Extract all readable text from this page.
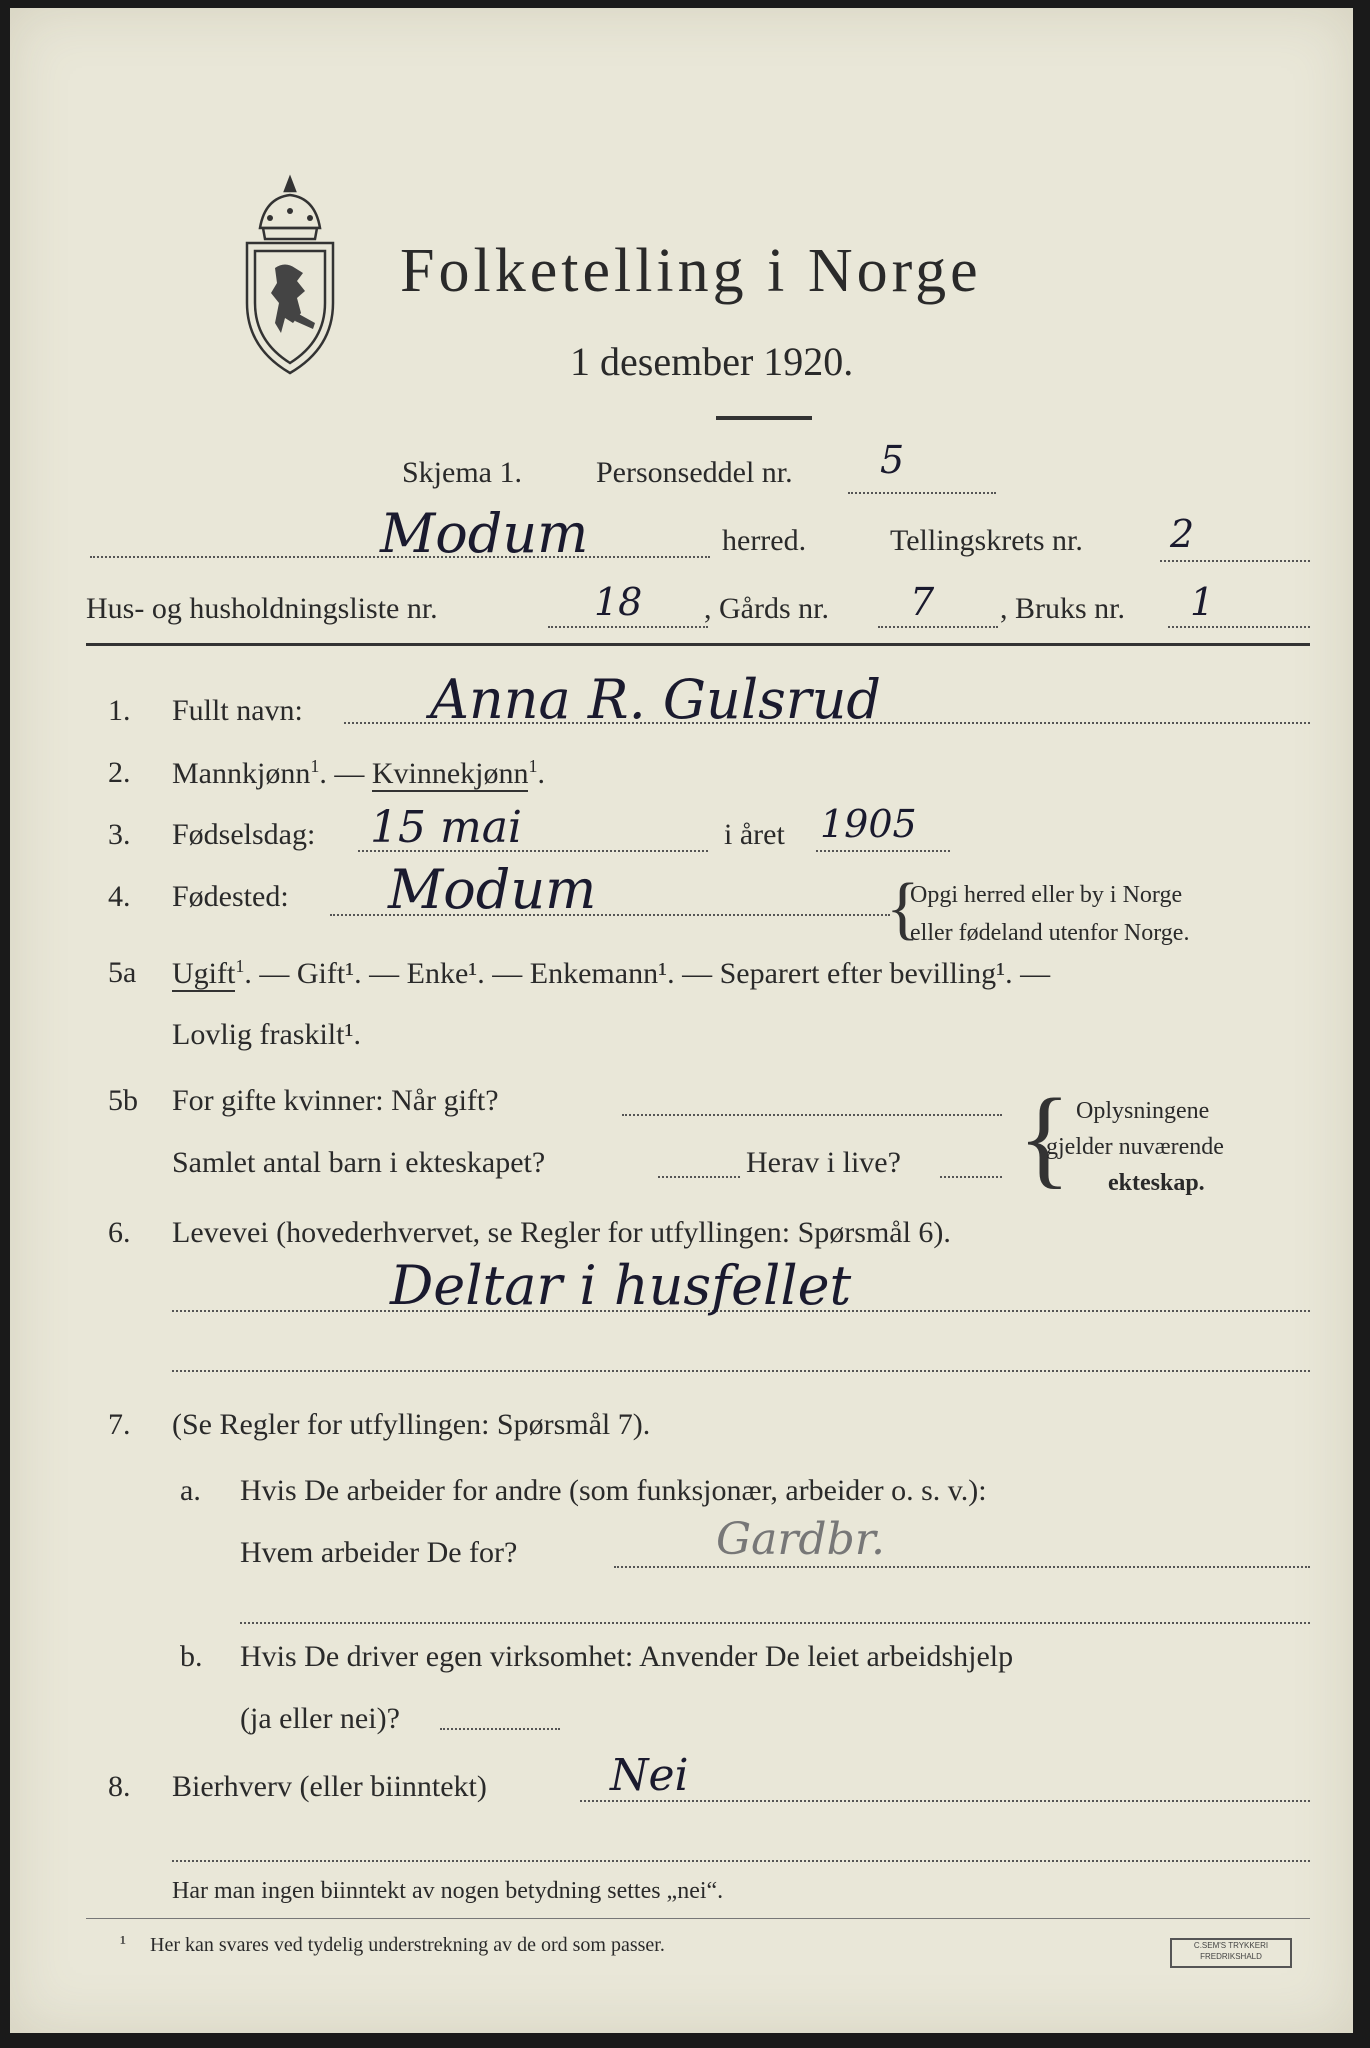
Folketelling i Norge
1 desember 1920.
Skjema 1. Personseddel nr. 5
Modum	herred.	Tellingskrets nr. 2
Hus- og husholdningsliste nr.	18 , Gårds nr. 7 , Bruks nr. 1
1. Fullt navn: Anna R. Gulsrud
2. Mannkjønn$^1$. — Kvinnekjønn$^1$.
3. Fødselsdag: 15 mai	i året 1905
4. Fødested: Modum	{
Opgi herred eller by i Norge
eller fødeland utenfor Norge.
5a Ugift$^1$. — Gift¹. — Enke¹. — Enkemann¹. — Separert efter bevilling¹. —
Lovlig fraskilt¹.
5b For gifte kvinner: Når gift?
Samlet antal barn i ekteskapet?	Herav i live? { Oplysningene
gjelder nuværende
ekteskap.
6. Levevei (hovederhvervet, se Regler for utfyllingen: Spørsmål 6).
Deltar i husfellet
7. (Se Regler for utfyllingen: Spørsmål 7).
a. Hvis De arbeider for andre (som funksjonær, arbeider o. s. v.):
Hvem arbeider De for?	Gardbr.
b. Hvis De driver egen virksomhet: Anvender De leiet arbeidshjelp
(ja eller nei)?
8. Bierhverv (eller biinntekt)	Nei
Har man ingen biinntekt av nogen betydning settes „nei“.
¹ Her kan svares ved tydelig understrekning av de ord som passer.	C.SEM'S TRYKKERI FREDRIKSHALD
